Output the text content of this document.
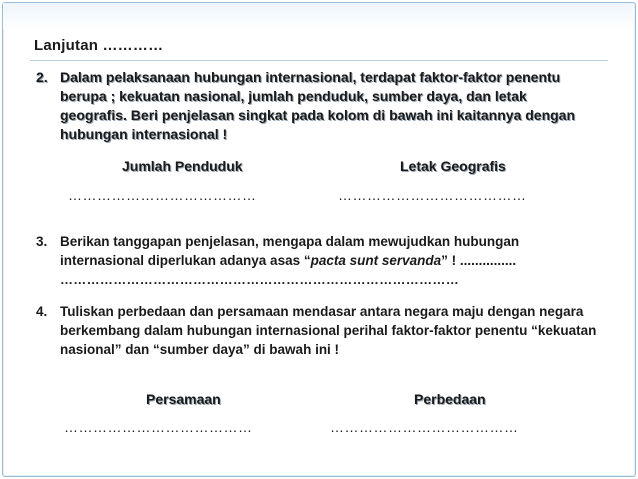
Lanjutan …………
2. Dalam pelaksanaan hubungan internasional, terdapat faktor-faktor penentu berupa ; kekuatan nasional, jumlah penduduk, sumber daya, dan letak geografis. Beri penjelasan singkat pada kolom di bawah ini kaitannya dengan hubungan internasional !
Jumlah Penduduk	Letak Geografis
…………………………………	…………………………………
3. Berikan tanggapan penjelasan, mengapa dalam mewujudkan hubungan internasional diperlukan adanya asas “pacta sunt servanda” ! ...............
………………………………………………………………………………
4. Tuliskan perbedaan dan persamaan mendasar antara negara maju dengan negara berkembang dalam hubungan internasional perihal faktor-faktor penentu “kekuatan nasional” dan “sumber daya” di bawah ini !
Persamaan	Perbedaan
…………………………………	…………………………………
